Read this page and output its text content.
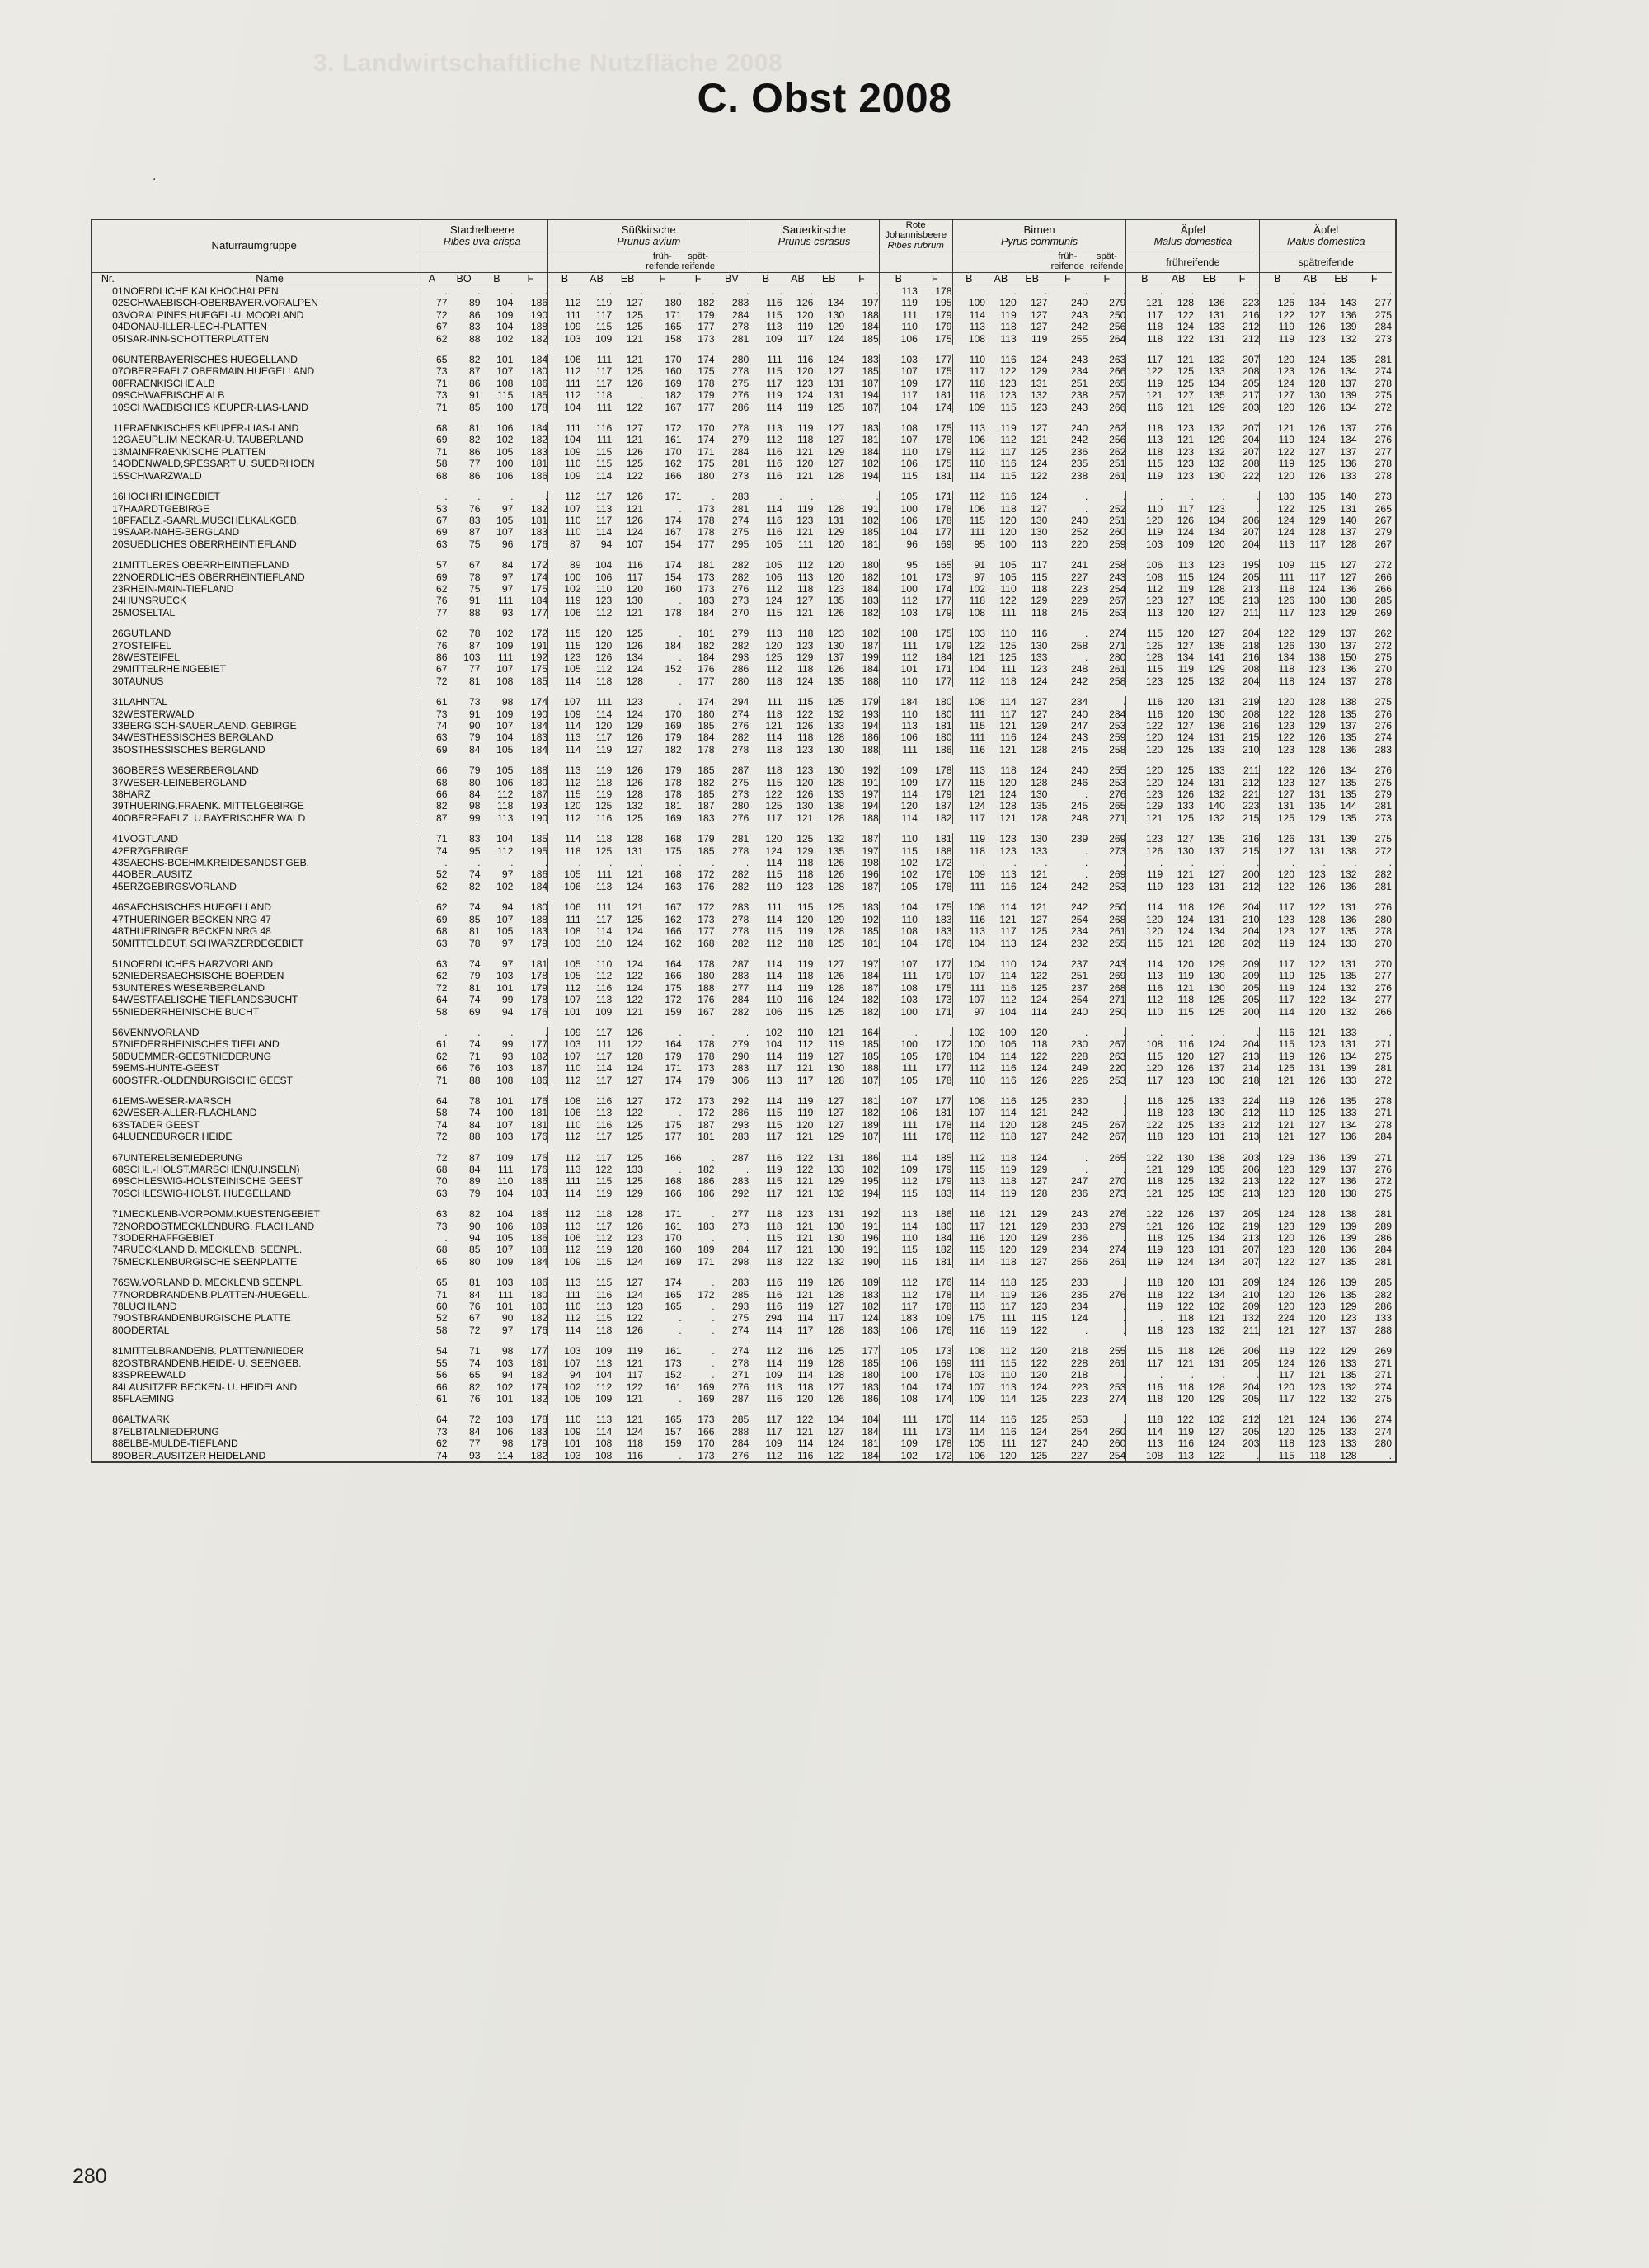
3. Landwirtschaftliche Nutzfläche 2008
C. Obst 2008
.
Naturraumgruppe		Stachelbeere
Ribes uva-crispa				Süßkirsche
Prunus avium						Sauerkirsche
Prunus cerasus				Rote Johannisbeere
Ribes rubrum		Birnen
Pyrus communis					Äpfel
Malus domestica				Äpfel
Malus domestica			

									früh-
reifende	spät-
reifende											früh-
reifende	spät-
reifende	frühreifende				spätreifende			
Nr.	Name	A	BO	B	F	B	AB	EB	F	F	BV	B	AB	EB	F	B	F	B	AB	EB	F	F	B	AB	EB	F	B	AB	EB	F
01	NOERDLICHE KALKHOCHALPEN	.	.	.	.	.	.	.	.	.	.	.	.	.	.	113	178	.	.	.	.	.	.	.	.	.	.	.	.	.
02	SCHWAEBISCH-OBERBAYER.VORALPEN	77	89	104	186	112	119	127	180	182	283	116	126	134	197	119	195	109	120	127	240	279	121	128	136	223	126	134	143	277
03	VORALPINES HUEGEL-U. MOORLAND	72	86	109	190	111	117	125	171	179	284	115	120	130	188	111	179	114	119	127	243	250	117	122	131	216	122	127	136	275
04	DONAU-ILLER-LECH-PLATTEN	67	83	104	188	109	115	125	165	177	278	113	119	129	184	110	179	113	118	127	242	256	118	124	133	212	119	126	139	284
05	ISAR-INN-SCHOTTERPLATTEN	62	88	102	182	103	109	121	158	173	281	109	117	124	185	106	175	108	113	119	255	264	118	122	131	212	119	123	132	273

06	UNTERBAYERISCHES HUEGELLAND	65	82	101	184	106	111	121	170	174	280	111	116	124	183	103	177	110	116	124	243	263	117	121	132	207	120	124	135	281
07	OBERPFAELZ.OBERMAIN.HUEGELLAND	73	87	107	180	112	117	125	160	175	278	115	120	127	185	107	175	117	122	129	234	266	122	125	133	208	123	126	134	274
08	FRAENKISCHE ALB	71	86	108	186	111	117	126	169	178	275	117	123	131	187	109	177	118	123	131	251	265	119	125	134	205	124	128	137	278
09	SCHWAEBISCHE ALB	73	91	115	185	112	118	.	182	179	276	119	124	131	194	117	181	118	123	132	238	257	121	127	135	217	127	130	139	275
10	SCHWAEBISCHES KEUPER-LIAS-LAND	71	85	100	178	104	111	122	167	177	286	114	119	125	187	104	174	109	115	123	243	266	116	121	129	203	120	126	134	272

11	FRAENKISCHES KEUPER-LIAS-LAND	68	81	106	184	111	116	127	172	170	278	113	119	127	183	108	175	113	119	127	240	262	118	123	132	207	121	126	137	276
12	GAEUPL.IM NECKAR-U. TAUBERLAND	69	82	102	182	104	111	121	161	174	279	112	118	127	181	107	178	106	112	121	242	256	113	121	129	204	119	124	134	276
13	MAINFRAENKISCHE PLATTEN	71	86	105	183	109	115	126	170	171	284	116	121	129	184	110	179	112	117	125	236	262	118	123	132	207	122	127	137	277
14	ODENWALD,SPESSART U. SUEDRHOEN	58	77	100	181	110	115	125	162	175	281	116	120	127	182	106	175	110	116	124	235	251	115	123	132	208	119	125	136	278
15	SCHWARZWALD	68	86	106	186	109	114	122	166	180	273	116	121	128	194	115	181	114	115	122	238	261	119	123	130	222	120	126	133	278

16	HOCHRHEINGEBIET	.	.	.	.	112	117	126	171	.	283	.	.	.	.	105	171	112	116	124	.	.	.	.	.	.	130	135	140	273
17	HAARDTGEBIRGE	53	76	97	182	107	113	121	.	173	281	114	119	128	191	100	178	106	118	127	.	252	110	117	123	.	122	125	131	265
18	PFAELZ.-SAARL.MUSCHELKALKGEB.	67	83	105	181	110	117	126	174	178	274	116	123	131	182	106	178	115	120	130	240	251	120	126	134	206	124	129	140	267
19	SAAR-NAHE-BERGLAND	69	87	107	183	110	114	124	167	178	275	116	121	129	185	104	177	111	120	130	252	260	119	124	134	207	124	128	137	279
20	SUEDLICHES OBERRHEINTIEFLAND	63	75	96	176	87	94	107	154	177	295	105	111	120	181	96	169	95	100	113	220	259	103	109	120	204	113	117	128	267

21	MITTLERES OBERRHEINTIEFLAND	57	67	84	172	89	104	116	174	181	282	105	112	120	180	95	165	91	105	117	241	258	106	113	123	195	109	115	127	272
22	NOERDLICHES OBERRHEINTIEFLAND	69	78	97	174	100	106	117	154	173	282	106	113	120	182	101	173	97	105	115	227	243	108	115	124	205	111	117	127	266
23	RHEIN-MAIN-TIEFLAND	62	75	97	175	102	110	120	160	173	276	112	118	123	184	100	174	102	110	118	223	254	112	119	128	213	118	124	136	266
24	HUNSRUECK	76	91	111	184	119	123	130	.	183	273	124	127	135	183	112	177	118	122	129	229	267	123	127	135	213	126	130	138	285
25	MOSELTAL	77	88	93	177	106	112	121	178	184	270	115	121	126	182	103	179	108	111	118	245	253	113	120	127	211	117	123	129	269

26	GUTLAND	62	78	102	172	115	120	125	.	181	279	113	118	123	182	108	175	103	110	116	.	274	115	120	127	204	122	129	137	262
27	OSTEIFEL	76	87	109	191	115	120	126	184	182	282	120	123	130	187	111	179	122	125	130	258	271	125	127	135	218	126	130	137	272
28	WESTEIFEL	86	103	111	192	123	126	134	.	184	293	125	129	137	199	112	184	121	125	133	.	280	128	134	141	216	134	138	150	275
29	MITTELRHEINGEBIET	67	77	107	175	105	112	124	152	176	286	112	118	126	184	101	171	104	111	123	248	261	115	119	129	208	118	123	136	270
30	TAUNUS	72	81	108	185	114	118	128	.	177	280	118	124	135	188	110	177	112	118	124	242	258	123	125	132	204	118	124	137	278

31	LAHNTAL	61	73	98	174	107	111	123	.	174	294	111	115	125	179	184	180	108	114	127	234	.	116	120	131	219	120	128	138	275
32	WESTERWALD	73	91	109	190	109	114	124	170	180	274	118	122	132	193	110	180	111	117	127	240	284	116	120	130	208	122	128	135	276
33	BERGISCH-SAUERLAEND. GEBIRGE	74	90	107	184	114	120	129	169	185	276	121	126	133	194	113	181	115	121	129	247	253	122	127	136	216	123	129	137	276
34	WESTHESSISCHES BERGLAND	63	79	104	183	113	117	126	179	184	282	114	118	128	186	106	180	111	116	124	243	259	120	124	131	215	122	126	135	274
35	OSTHESSISCHES BERGLAND	69	84	105	184	114	119	127	182	178	278	118	123	130	188	111	186	116	121	128	245	258	120	125	133	210	123	128	136	283

36	OBERES WESERBERGLAND	66	79	105	188	113	119	126	179	185	287	118	123	130	192	109	178	113	118	124	240	255	120	125	133	211	122	126	134	276
37	WESER-LEINEBERGLAND	68	80	106	180	112	118	126	178	182	275	115	120	128	191	109	177	115	120	128	246	253	120	124	131	212	123	127	135	275
38	HARZ	66	84	112	187	115	119	128	178	185	273	122	126	133	197	114	179	121	124	130	.	276	123	126	132	221	127	131	135	279
39	THUERING.FRAENK. MITTELGEBIRGE	82	98	118	193	120	125	132	181	187	280	125	130	138	194	120	187	124	128	135	245	265	129	133	140	223	131	135	144	281
40	OBERPFAELZ. U.BAYERISCHER WALD	87	99	113	190	112	116	125	169	183	276	117	121	128	188	114	182	117	121	128	248	271	121	125	132	215	125	129	135	273

41	VOGTLAND	71	83	104	185	114	118	128	168	179	281	120	125	132	187	110	181	119	123	130	239	269	123	127	135	216	126	131	139	275
42	ERZGEBIRGE	74	95	112	195	118	125	131	175	185	278	124	129	135	197	115	188	118	123	133	.	273	126	130	137	215	127	131	138	272
43	SAECHS-BOEHM.KREIDESANDST.GEB.	.	.	.	.	.	.	.	.	.	.	114	118	126	198	102	172	.	.	.	.	.	.	.	.	.	.	.	.	.
44	OBERLAUSITZ	52	74	97	186	105	111	121	168	172	282	115	118	126	196	102	176	109	113	121	.	269	119	121	127	200	120	123	132	282
45	ERZGEBIRGSVORLAND	62	82	102	184	106	113	124	163	176	282	119	123	128	187	105	178	111	116	124	242	253	119	123	131	212	122	126	136	281

46	SAECHSISCHES HUEGELLAND	62	74	94	180	106	111	121	167	172	283	111	115	125	183	104	175	108	114	121	242	250	114	118	126	204	117	122	131	276
47	THUERINGER BECKEN NRG 47	69	85	107	188	111	117	125	162	173	278	114	120	129	192	110	183	116	121	127	254	268	120	124	131	210	123	128	136	280
48	THUERINGER BECKEN NRG 48	68	81	105	183	108	114	124	166	177	278	115	119	128	185	108	183	113	117	125	234	261	120	124	134	204	123	127	135	278
50	MITTELDEUT. SCHWARZERDEGEBIET	63	78	97	179	103	110	124	162	168	282	112	118	125	181	104	176	104	113	124	232	255	115	121	128	202	119	124	133	270

51	NOERDLICHES HARZVORLAND	63	74	97	181	105	110	124	164	178	287	114	119	127	197	107	177	104	110	124	237	243	114	120	129	209	117	122	131	270
52	NIEDERSAECHSISCHE BOERDEN	62	79	103	178	105	112	122	166	180	283	114	118	126	184	111	179	107	114	122	251	269	113	119	130	209	119	125	135	277
53	UNTERES WESERBERGLAND	72	81	101	179	112	116	124	175	188	277	114	119	128	187	108	175	111	116	125	237	268	116	121	130	205	119	124	132	276
54	WESTFAELISCHE TIEFLANDSBUCHT	64	74	99	178	107	113	122	172	176	284	110	116	124	182	103	173	107	112	124	254	271	112	118	125	205	117	122	134	277
55	NIEDERRHEINISCHE BUCHT	58	69	94	176	101	109	121	159	167	282	106	115	125	182	100	171	97	104	114	240	250	110	115	125	200	114	120	132	266

56	VENNVORLAND	.	.	.	.	109	117	126	.	.	.	102	110	121	164	.	.	102	109	120	.	.	.	.	.	.	116	121	133	.
57	NIEDERRHEINISCHES TIEFLAND	61	74	99	177	103	111	122	164	178	279	104	112	119	185	100	172	100	106	118	230	267	108	116	124	204	115	123	131	271
58	DUEMMER-GEESTNIEDERUNG	62	71	93	182	107	117	128	179	178	290	114	119	127	185	105	178	104	114	122	228	263	115	120	127	213	119	126	134	275
59	EMS-HUNTE-GEEST	66	76	103	187	110	114	124	171	173	283	117	121	130	188	111	177	112	116	124	249	220	120	126	137	214	126	131	139	281
60	OSTFR.-OLDENBURGISCHE GEEST	71	88	108	186	112	117	127	174	179	306	113	117	128	187	105	178	110	116	126	226	253	117	123	130	218	121	126	133	272

61	EMS-WESER-MARSCH	64	78	101	176	108	116	127	172	173	292	114	119	127	181	107	177	108	116	125	230	.	116	125	133	224	119	126	135	278
62	WESER-ALLER-FLACHLAND	58	74	100	181	106	113	122	.	172	286	115	119	127	182	106	181	107	114	121	242	.	118	123	130	212	119	125	133	271
63	STADER GEEST	74	84	107	181	110	116	125	175	187	293	115	120	127	189	111	178	114	120	128	245	267	122	125	133	212	121	127	134	278
64	LUENEBURGER HEIDE	72	88	103	176	112	117	125	177	181	283	117	121	129	187	111	176	112	118	127	242	267	118	123	131	213	121	127	136	284

67	UNTERELBENIEDERUNG	72	87	109	176	112	117	125	166	.	287	116	122	131	186	114	185	112	118	124	.	265	122	130	138	203	129	136	139	271
68	SCHL.-HOLST.MARSCHEN(U.INSELN)	68	84	111	176	113	122	133	.	182	.	119	122	133	182	109	179	115	119	129	.	.	121	129	135	206	123	129	137	276
69	SCHLESWIG-HOLSTEINISCHE GEEST	70	89	110	186	111	115	125	168	186	283	115	121	129	195	112	179	113	118	127	247	270	118	125	132	213	122	127	136	272
70	SCHLESWIG-HOLST. HUEGELLAND	63	79	104	183	114	119	129	166	186	292	117	121	132	194	115	183	114	119	128	236	273	121	125	135	213	123	128	138	275

71	MECKLENB-VORPOMM.KUESTENGEBIET	63	82	104	186	112	118	128	171	.	277	118	123	131	192	113	186	116	121	129	243	276	122	126	137	205	124	128	138	281
72	NORDOSTMECKLENBURG. FLACHLAND	73	90	106	189	113	117	126	161	183	273	118	121	130	191	114	180	117	121	129	233	279	121	126	132	219	123	129	139	289
73	ODERHAFFGEBIET	.	94	105	186	106	112	123	170	.	.	115	121	130	196	110	184	116	120	129	236	.	118	125	134	213	120	126	139	286
74	RUECKLAND D. MECKLENB. SEENPL.	68	85	107	188	112	119	128	160	189	284	117	121	130	191	115	182	115	120	129	234	274	119	123	131	207	123	128	136	284
75	MECKLENBURGISCHE SEENPLATTE	65	80	109	184	109	115	124	169	171	298	118	122	132	190	115	181	114	118	127	256	261	119	124	134	207	122	127	135	281

76	SW.VORLAND D. MECKLENB.SEENPL.	65	81	103	186	113	115	127	174	.	283	116	119	126	189	112	176	114	118	125	233	.	118	120	131	209	124	126	139	285
77	NORDBRANDENB.PLATTEN-/HUEGELL.	71	84	111	180	111	116	124	165	172	285	116	121	128	183	112	178	114	119	126	235	276	118	122	134	210	120	126	135	282
78	LUCHLAND	60	76	101	180	110	113	123	165	.	293	116	119	127	182	117	178	113	117	123	234	.	119	122	132	209	120	123	129	286
79	OSTBRANDENBURGISCHE PLATTE	52	67	90	182	112	115	122	.	.	275	294	114	117	124	183	109	175	111	115	124	.	.	118	121	132	224	120	123	133
80	ODERTAL	58	72	97	176	114	118	126	.	.	274	114	117	128	183	106	176	116	119	122	.	.	118	123	132	211	121	127	137	288

81	MITTELBRANDENB. PLATTEN/NIEDER	54	71	98	177	103	109	119	161	.	274	112	116	125	177	105	173	108	112	120	218	255	115	118	126	206	119	122	129	269
82	OSTBRANDENB.HEIDE- U. SEENGEB.	55	74	103	181	107	113	121	173	.	278	114	119	128	185	106	169	111	115	122	228	261	117	121	131	205	124	126	133	271
83	SPREEWALD	56	65	94	182	94	104	117	152	.	271	109	114	128	180	100	176	103	110	120	218	.	.	.	.	.	117	121	135	271
84	LAUSITZER BECKEN- U. HEIDELAND	66	82	102	179	102	112	122	161	169	276	113	118	127	183	104	174	107	113	124	223	253	116	118	128	204	120	123	132	274
85	FLAEMING	61	76	101	182	105	109	121	.	169	287	116	120	126	186	108	174	109	114	125	223	274	118	120	129	205	117	122	132	275

86	ALTMARK	64	72	103	178	110	113	121	165	173	285	117	122	134	184	111	170	114	116	125	253	.	118	122	132	212	121	124	136	274
87	ELBTALNIEDERUNG	73	84	106	183	109	114	124	157	166	288	117	121	127	184	111	173	114	116	124	254	260	114	119	127	205	120	125	133	274
88	ELBE-MULDE-TIEFLAND	62	77	98	179	101	108	118	159	170	284	109	114	124	181	109	178	105	111	127	240	260	113	116	124	203	118	123	133	280
89	OBERLAUSITZER HEIDELAND	74	93	114	182	103	108	116	.	173	276	112	116	122	184	102	172	106	120	125	227	254	108	113	122	.	115	118	128	.
280
